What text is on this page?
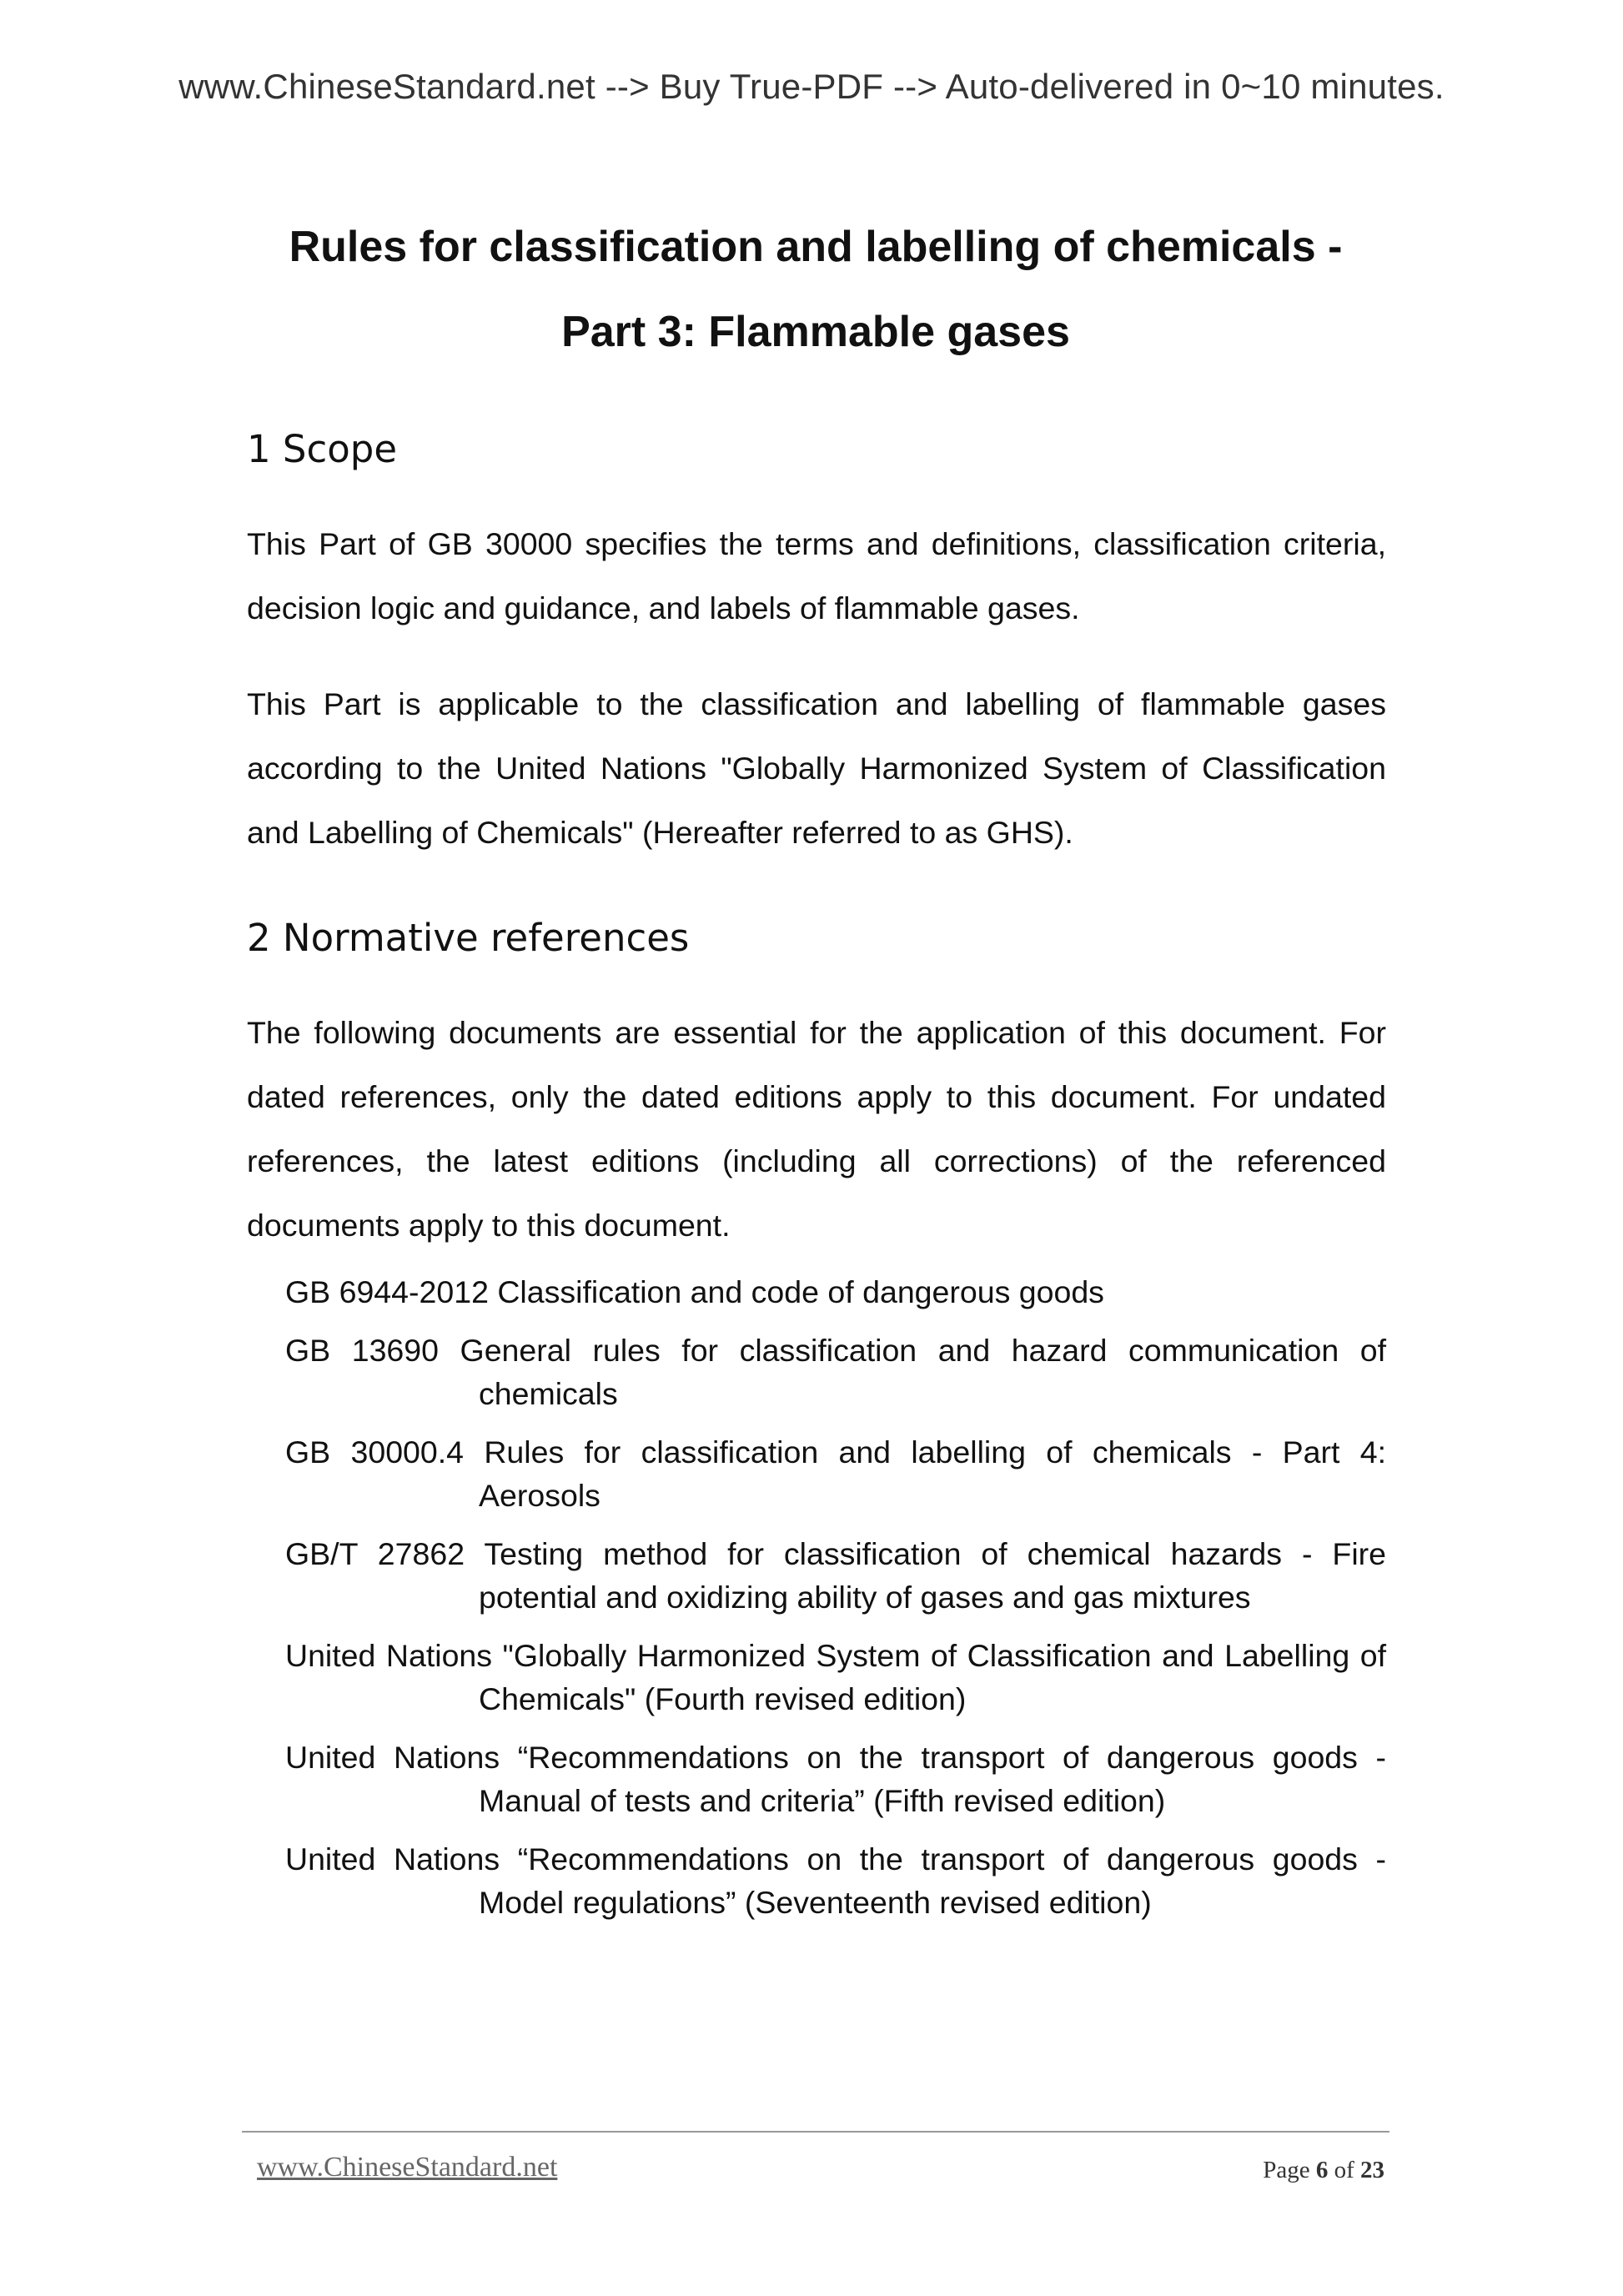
www.ChineseStandard.net --> Buy True-PDF --> Auto-delivered in 0~10 minutes.
Rules for classification and labelling of chemicals -
Part 3: Flammable gases
1 Scope
This Part of GB 30000 specifies the terms and definitions, classification criteria, decision logic and guidance, and labels of flammable gases.
This Part is applicable to the classification and labelling of flammable gases according to the United Nations "Globally Harmonized System of Classification and Labelling of Chemicals" (Hereafter referred to as GHS).
2 Normative references
The following documents are essential for the application of this document. For dated references, only the dated editions apply to this document. For undated references, the latest editions (including all corrections) of the referenced documents apply to this document.
GB 6944-2012 Classification and code of dangerous goods
GB 13690 General rules for classification and hazard communication of chemicals
GB 30000.4 Rules for classification and labelling of chemicals - Part 4: Aerosols
GB/T 27862 Testing method for classification of chemical hazards - Fire potential and oxidizing ability of gases and gas mixtures
United Nations "Globally Harmonized System of Classification and Labelling of Chemicals" (Fourth revised edition)
United Nations “Recommendations on the transport of dangerous goods - Manual of tests and criteria” (Fifth revised edition)
United Nations “Recommendations on the transport of dangerous goods - Model regulations” (Seventeenth revised edition)
www.ChineseStandard.net	Page 6 of 23
